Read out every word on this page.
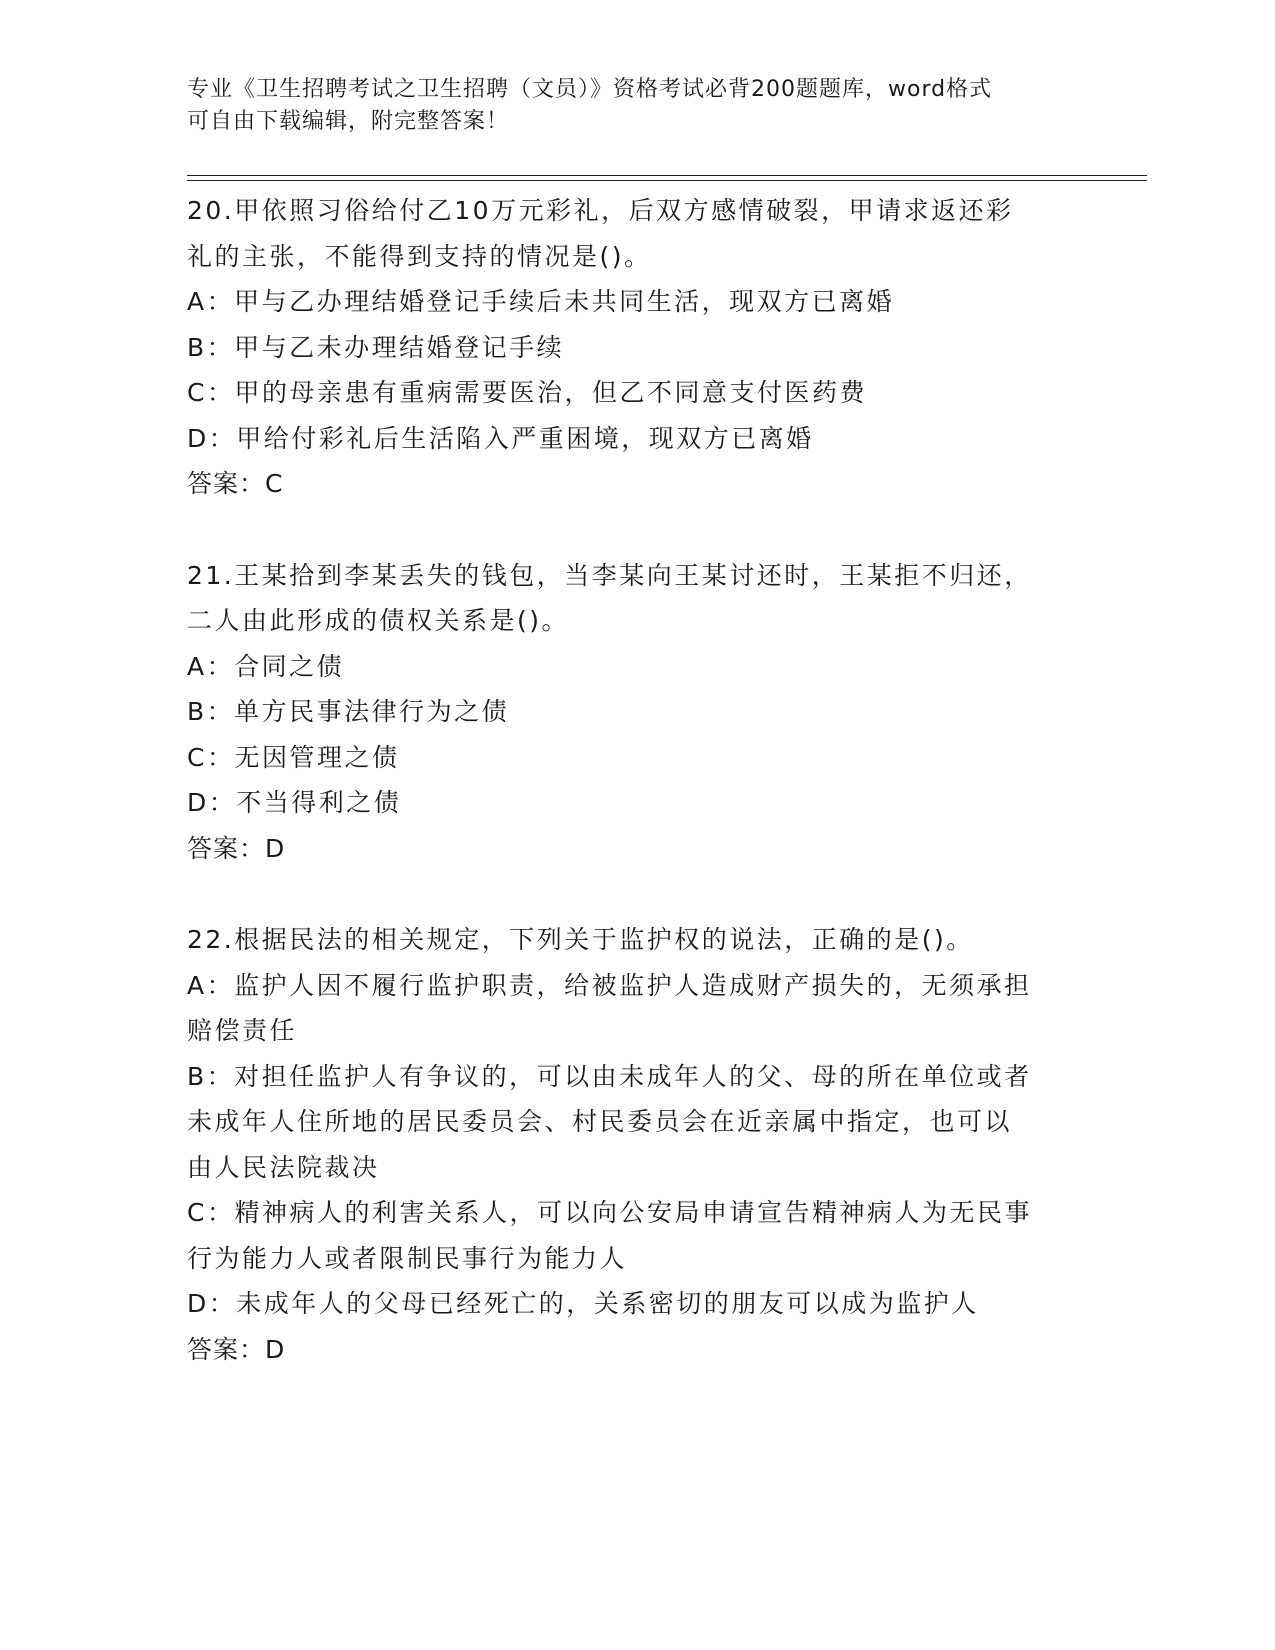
专业《卫生招聘考试之卫生招聘（文员）》资格考试必背200题题库，word格式
可自由下载编辑，附完整答案！
20.甲依照习俗给付乙10万元彩礼，后双方感情破裂，甲请求返还彩
礼的主张，不能得到支持的情况是()。
A：甲与乙办理结婚登记手续后未共同生活，现双方已离婚
B：甲与乙未办理结婚登记手续
C：甲的母亲患有重病需要医治，但乙不同意支付医药费
D：甲给付彩礼后生活陷入严重困境，现双方已离婚
答案：C
21.王某拾到李某丢失的钱包，当李某向王某讨还时，王某拒不归还，
二人由此形成的债权关系是()。
A：合同之债
B：单方民事法律行为之债
C：无因管理之债
D：不当得利之债
答案：D
22.根据民法的相关规定，下列关于监护权的说法，正确的是()。
A：监护人因不履行监护职责，给被监护人造成财产损失的，无须承担
赔偿责任
B：对担任监护人有争议的，可以由未成年人的父、母的所在单位或者
未成年人住所地的居民委员会、村民委员会在近亲属中指定，也可以
由人民法院裁决
C：精神病人的利害关系人，可以向公安局申请宣告精神病人为无民事
行为能力人或者限制民事行为能力人
D：未成年人的父母已经死亡的，关系密切的朋友可以成为监护人
答案：D
